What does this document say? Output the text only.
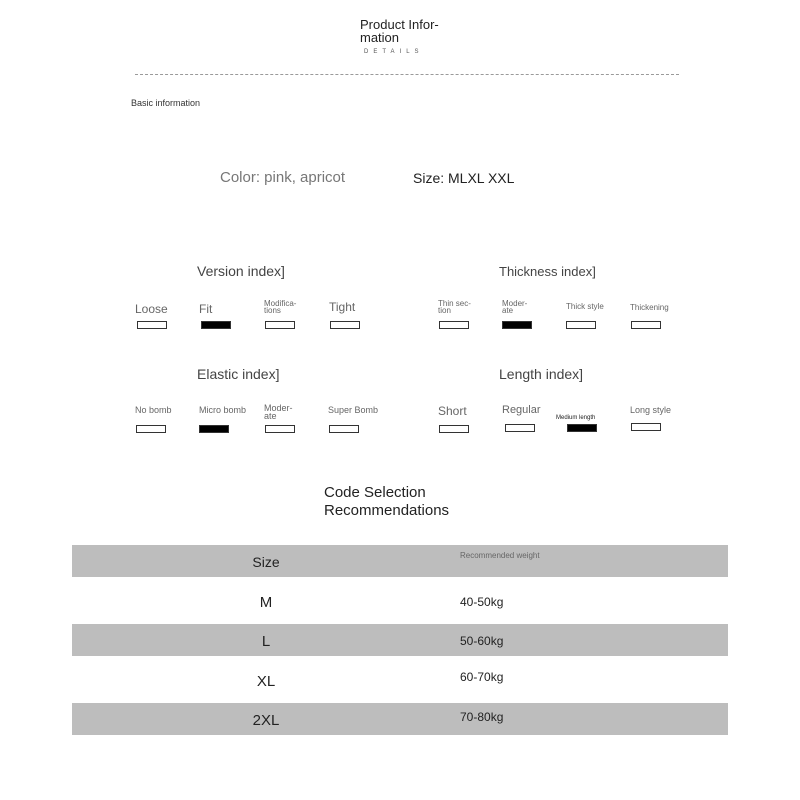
Product Infor-mation
DETAILS
Basic information
Color: pink, apricot	Size: MLXL XXL
Version index]
Loose	Fit	Modifica-tions	Tight
Thickness index]
Thin sec-tion
Moder-ate	Thick style	Thickening
Elastic index]
No bomb	Micro bomb	Moder-ate
Super Bomb
Length index]
Short	Regular
Medium length
Long style
Code Selection Recommendations
Size	Recommended weight
M	40-50kg
L	50-60kg
XL	60-70kg
2XL	70-80kg
